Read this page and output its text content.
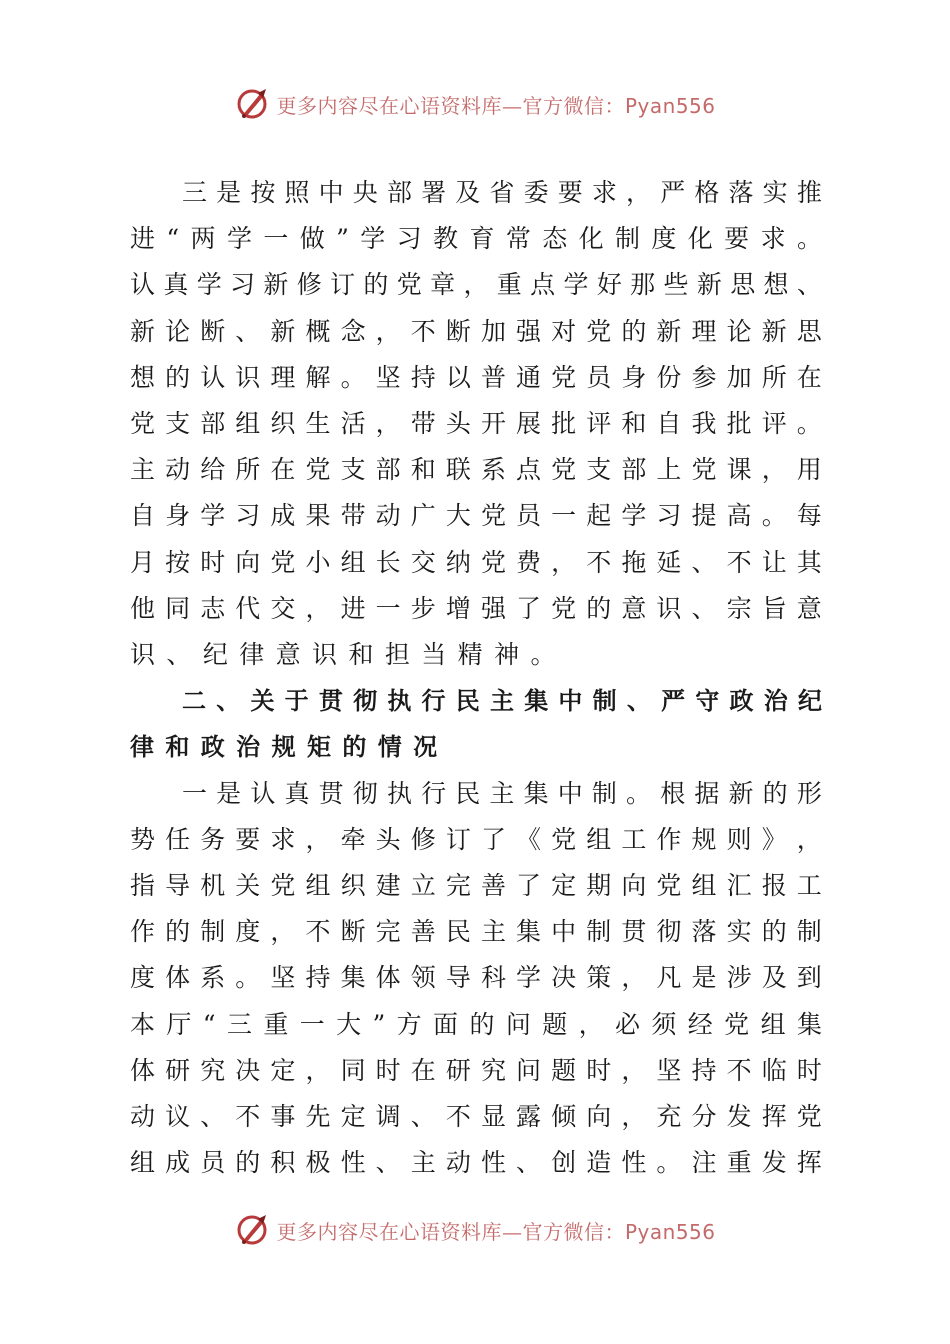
更多内容尽在心语资料库—官方微信：Pyan556
三 是 按 照 中 央 部 署 及 省 委 要 求 ， 严 格 落 实 推
进 “ 两 学 一 做 ” 学 习 教 育 常 态 化 制 度 化 要 求 。
认 真 学 习 新 修 订 的 党 章 ， 重 点 学 好 那 些 新 思 想 、
新 论 断 、 新 概 念 ， 不 断 加 强 对 党 的 新 理 论 新 思
想 的 认 识 理 解 。 坚 持 以 普 通 党 员 身 份 参 加 所 在
党 支 部 组 织 生 活 ， 带 头 开 展 批 评 和 自 我 批 评 。
主 动 给 所 在 党 支 部 和 联 系 点 党 支 部 上 党 课 ， 用
自 身 学 习 成 果 带 动 广 大 党 员 一 起 学 习 提 高 。 每
月 按 时 向 党 小 组 长 交 纳 党 费 ， 不 拖 延 、 不 让 其
他 同 志 代 交 ， 进 一 步 增 强 了 党 的 意 识 、 宗 旨 意
识 、 纪 律 意 识 和 担 当 精 神 。
二 、 关 于 贯 彻 执 行 民 主 集 中 制 、 严 守 政 治 纪
律 和 政 治 规 矩 的 情 况
一 是 认 真 贯 彻 执 行 民 主 集 中 制 。 根 据 新 的 形
势 任 务 要 求 ， 牵 头 修 订 了 《 党 组 工 作 规 则 》 ，
指 导 机 关 党 组 织 建 立 完 善 了 定 期 向 党 组 汇 报 工
作 的 制 度 ， 不 断 完 善 民 主 集 中 制 贯 彻 落 实 的 制
度 体 系 。 坚 持 集 体 领 导 科 学 决 策 ， 凡 是 涉 及 到
本 厅 “ 三 重 一 大 ” 方 面 的 问 题 ， 必 须 经 党 组 集
体 研 究 决 定 ， 同 时 在 研 究 问 题 时 ， 坚 持 不 临 时
动 议 、 不 事 先 定 调 、 不 显 露 倾 向 ， 充 分 发 挥 党
组 成 员 的 积 极 性 、 主 动 性 、 创 造 性 。 注 重 发 挥
更多内容尽在心语资料库—官方微信：Pyan556
